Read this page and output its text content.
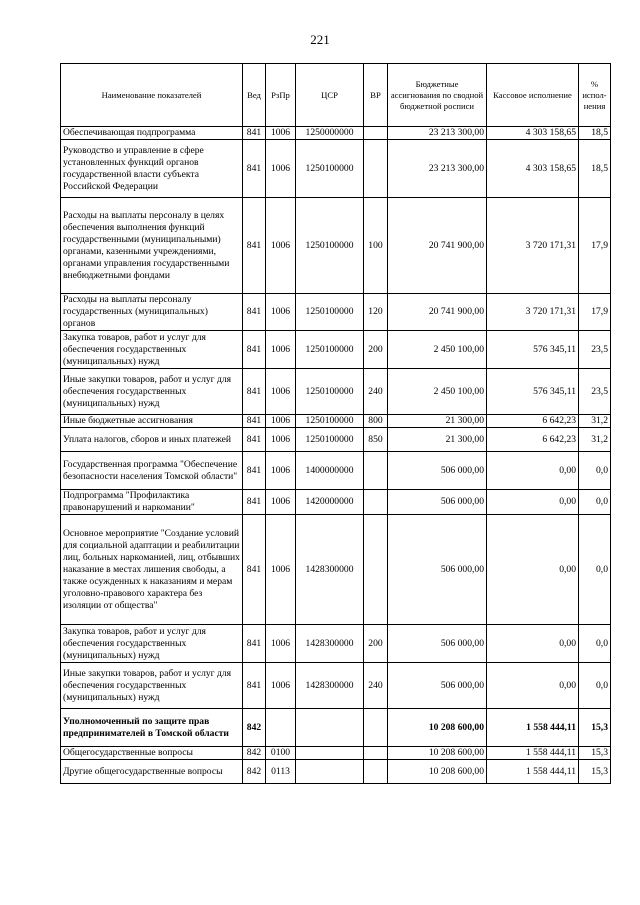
221
Наименование показателей	Вед	РзПр	ЦСР	ВР	Бюджетные ассигнования по сводной бюджетной росписи	Кассовое исполнение	% испол-нения
Обеспечивающая подпрограмма	841	1006	1250000000		23 213 300,00	4 303 158,65	18,5
Руководство и управление в сфере установленных функций органов государственной власти субъекта Российской Федерации	841	1006	1250100000		23 213 300,00	4 303 158,65	18,5
Расходы на выплаты персоналу в целях обеспечения выполнения функций государственными (муниципальными) органами, казенными учреждениями, органами управления государственными внебюджетными фондами	841	1006	1250100000	100	20 741 900,00	3 720 171,31	17,9
Расходы на выплаты персоналу государственных (муниципальных) органов	841	1006	1250100000	120	20 741 900,00	3 720 171,31	17,9
Закупка товаров, работ и услуг для обеспечения государственных (муниципальных) нужд	841	1006	1250100000	200	2 450 100,00	576 345,11	23,5
Иные закупки товаров, работ и услуг для обеспечения государственных (муниципальных) нужд	841	1006	1250100000	240	2 450 100,00	576 345,11	23,5
Иные бюджетные ассигнования	841	1006	1250100000	800	21 300,00	6 642,23	31,2
Уплата налогов, сборов и иных платежей	841	1006	1250100000	850	21 300,00	6 642,23	31,2
Государственная программа "Обеспечение безопасности населения Томской области"	841	1006	1400000000		506 000,00	0,00	0,0
Подпрограмма "Профилактика правонарушений и наркомании"	841	1006	1420000000		506 000,00	0,00	0,0
Основное мероприятие "Создание условий для социальной адаптации и реабилитации лиц, больных наркоманией, лиц, отбывших наказание в местах лишения свободы, а также осужденных к наказаниям и мерам уголовно-правового характера без изоляции от общества"	841	1006	1428300000		506 000,00	0,00	0,0
Закупка товаров, работ и услуг для обеспечения государственных (муниципальных) нужд	841	1006	1428300000	200	506 000,00	0,00	0,0
Иные закупки товаров, работ и услуг для обеспечения государственных (муниципальных) нужд	841	1006	1428300000	240	506 000,00	0,00	0,0
Уполномоченный по защите прав предпринимателей в Томской области	842				10 208 600,00	1 558 444,11	15,3
Общегосударственные вопросы	842	0100			10 208 600,00	1 558 444,11	15,3
Другие общегосударственные вопросы	842	0113			10 208 600,00	1 558 444,11	15,3
